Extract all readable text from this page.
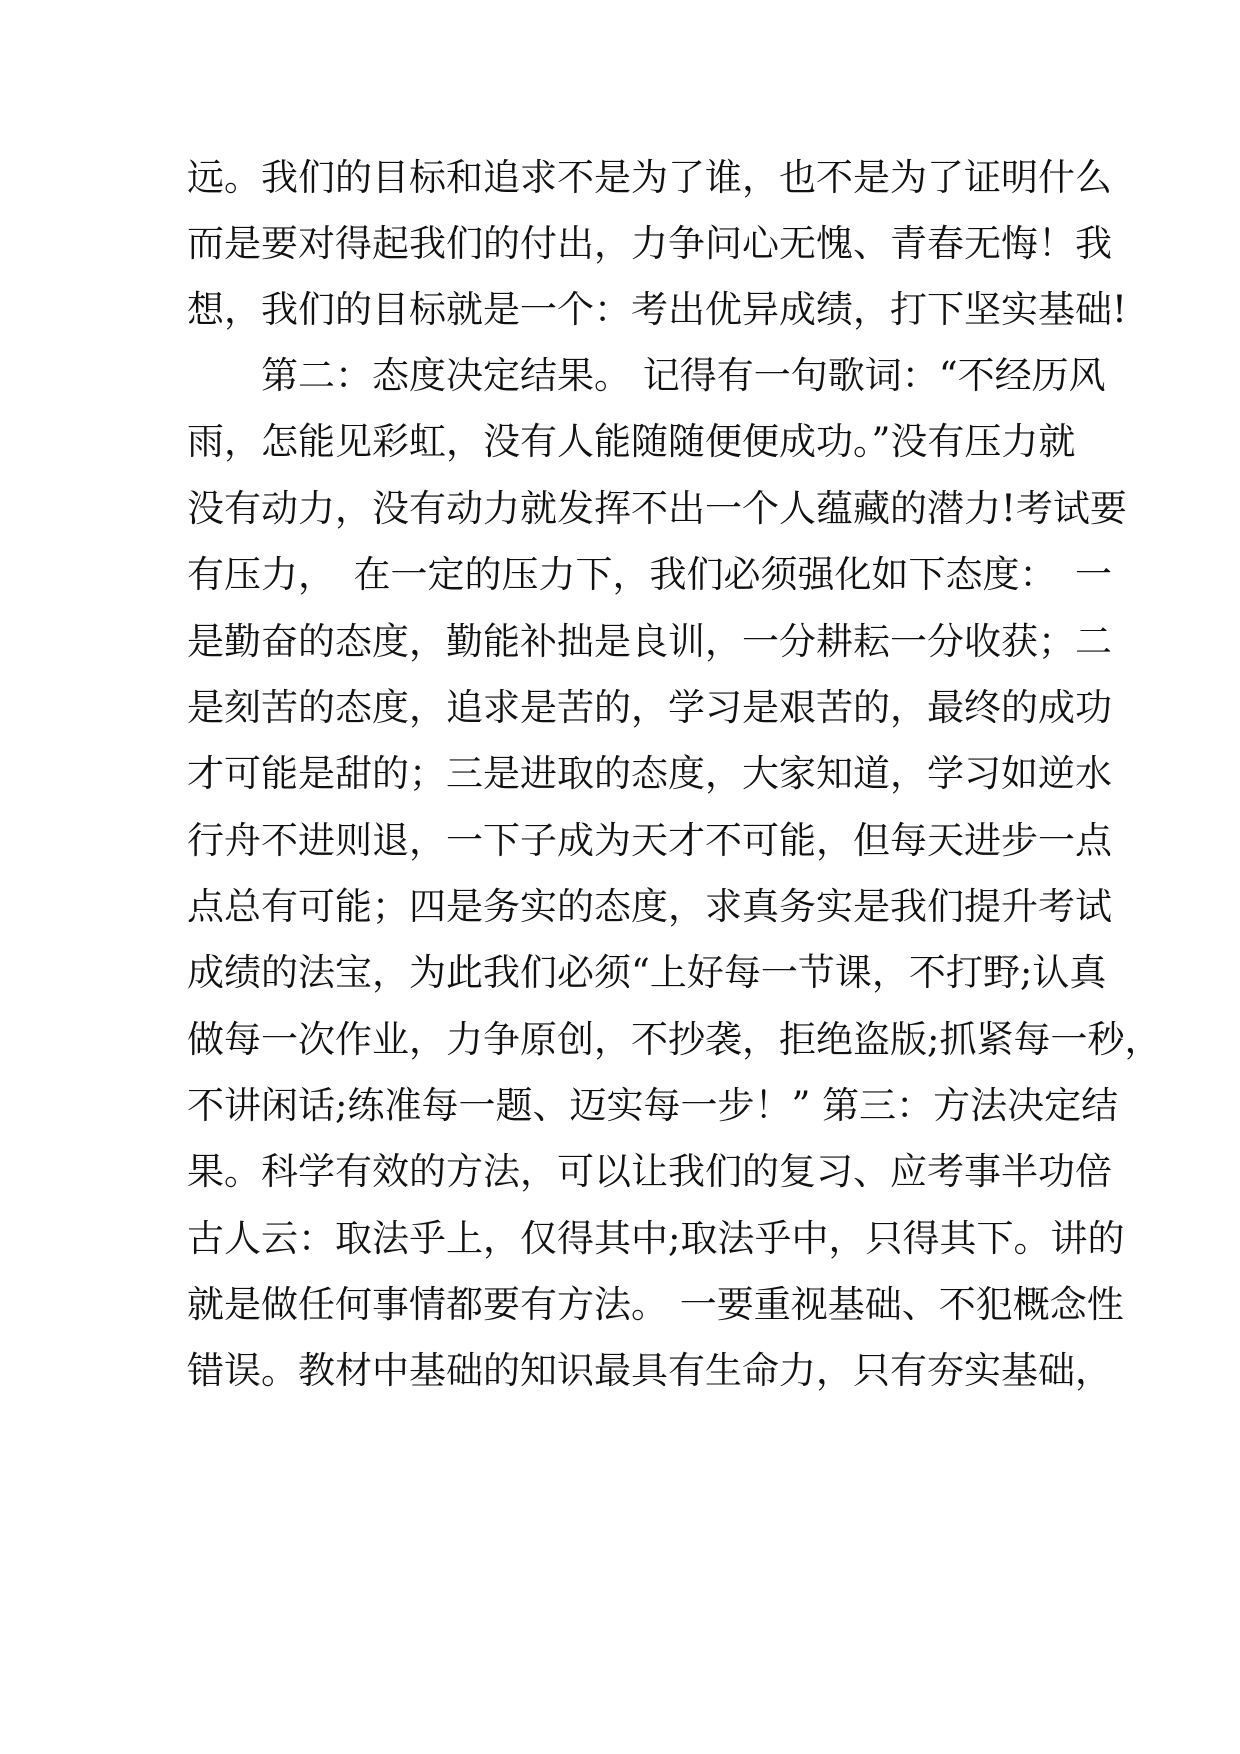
远。我们的目标和追求不是为了谁，也不是为了证明什么
而是要对得起我们的付出，力争问心无愧、青春无悔！我
想，我们的目标就是一个：考出优异成绩，打下坚实基础!
　　第二：态度决定结果。 记得有一句歌词：“不经历风
雨，怎能见彩虹，没有人能随随便便成功。”没有压力就
没有动力，没有动力就发挥不出一个人蕴藏的潜力!考试要
有压力，　在一定的压力下，我们必须强化如下态度：　一
是勤奋的态度，勤能补拙是良训，一分耕耘一分收获；二
是刻苦的态度，追求是苦的，学习是艰苦的，最终的成功
才可能是甜的；三是进取的态度，大家知道，学习如逆水
行舟不进则退，一下子成为天才不可能，但每天进步一点
点总有可能；四是务实的态度，求真务实是我们提升考试
成绩的法宝，为此我们必须“上好每一节课，不打野;认真
做每一次作业，力争原创，不抄袭，拒绝盗版;抓紧每一秒，
不讲闲话;练准每一题、迈实每一步！” 第三：方法决定结
果。科学有效的方法，可以让我们的复习、应考事半功倍
古人云：取法乎上，仅得其中;取法乎中，只得其下。讲的
就是做任何事情都要有方法。 一要重视基础、不犯概念性
错误。教材中基础的知识最具有生命力，只有夯实基础，
